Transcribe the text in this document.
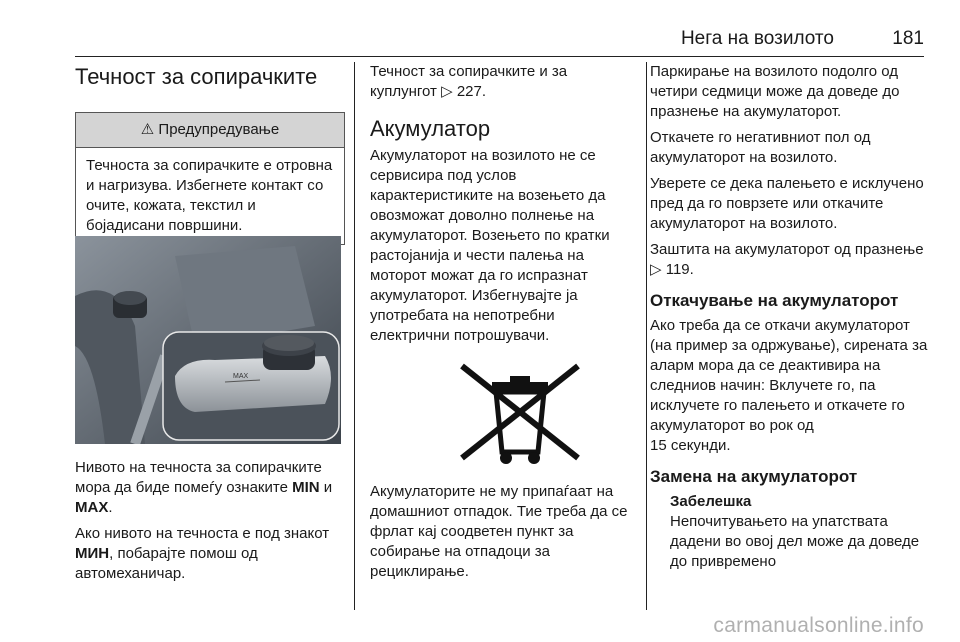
Нега на возилото	181
Течност за сопирачките
⚠ Предупредување
Течноста за сопирачките е отровна и нагризува. Избегнете контакт со очите, кожата, текстил и бојадисани површини.
MAX

Нивото на течноста за сопирачките мора да биде помеѓу ознаките MIN и MAX.

Ако нивото на течноста е под знакот МИН, побарајте помош од автомеханичар.

Течност за сопирачките и за куплунгот ▷ 227.

Акумулатор

Акумулаторот на возилото не се сервисира под услов карактеристиките на возењето да овозможат доволно полнење на акумулаторот. Возењето по кратки растојанија и чести палења на моторот можат да го испразнат акумулаторот. Избегнувајте ја употребата на непотребни електрични потрошувачи.

Акумулаторите не му припаѓаат на домашниот отпадок. Тие треба да се фрлат кај соодветен пункт за собирање на отпадоци за рециклирање.

Паркирање на возилото подолго од четири седмици може да доведе до празнење на акумулаторот.

Откачете го негативниот пол од акумулаторот на возилото.

Уверете се дека палењето е исклучено пред да го поврзете или откачите акумулаторот на возилото.

Заштита на акумулаторот од празнење
▷ 119.

Откачување на акумулаторот

Ако треба да се откачи акумулаторот (на пример за одржување), сирената за аларм мора да се деактивира на следниов начин: Вклучете го, па исклучете го палењето и откачете го акумулаторот во рок од
15 секунди.

Замена на акумулаторот
Забелешка
Непочитувањето на упатствата дадени во овој дел може да доведе до привремено
carmanualsonline.info
